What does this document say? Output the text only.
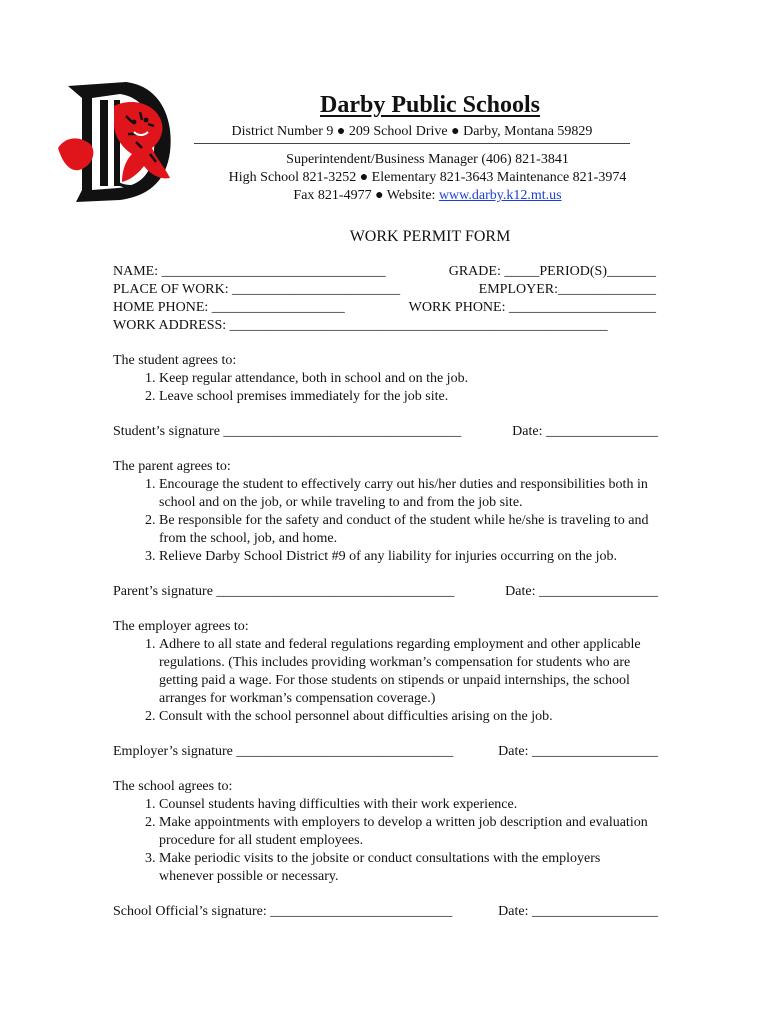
Darby Public Schools
District Number 9 ● 209 School Drive ● Darby, Montana 59829
Superintendent/Business Manager (406) 821-3841
High School 821-3252 ● Elementary 821-3643 Maintenance 821-3974
Fax 821-4977 ● Website: www.darby.k12.mt.us
WORK PERMIT FORM
NAME: ________________________________	GRADE: _____PERIOD(S)_______
PLACE OF WORK: ________________________	EMPLOYER:______________
HOME PHONE: ___________________	WORK PHONE: _____________________
WORK ADDRESS: ______________________________________________________

The student agrees to:

1. Keep regular attendance, both in school and on the job.
2. Leave school premises immediately for the job site.
Student’s signature __________________________________	Date: ________________

The parent agrees to:

1. Encourage the student to effectively carry out his/her duties and responsibilities both in school and on the job, or while traveling to and from the job site.
2. Be responsible for the safety and conduct of the student while he/she is traveling to and from the school, job, and home.
3. Relieve Darby School District #9 of any liability for injuries occurring on the job.
Parent’s signature __________________________________	Date: _________________

The employer agrees to:

1. Adhere to all state and federal regulations regarding employment and other applicable regulations. (This includes providing workman’s compensation for students who are getting paid a wage. For those students on stipends or unpaid internships, the school arranges for workman’s compensation coverage.)
2. Consult with the school personnel about difficulties arising on the job.
Employer’s signature _______________________________	Date: __________________

The school agrees to:

1. Counsel students having difficulties with their work experience.
2. Make appointments with employers to develop a written job description and evaluation procedure for all student employees.
3. Make periodic visits to the jobsite or conduct consultations with the employers whenever possible or necessary.
School Official’s signature: __________________________	Date: __________________
